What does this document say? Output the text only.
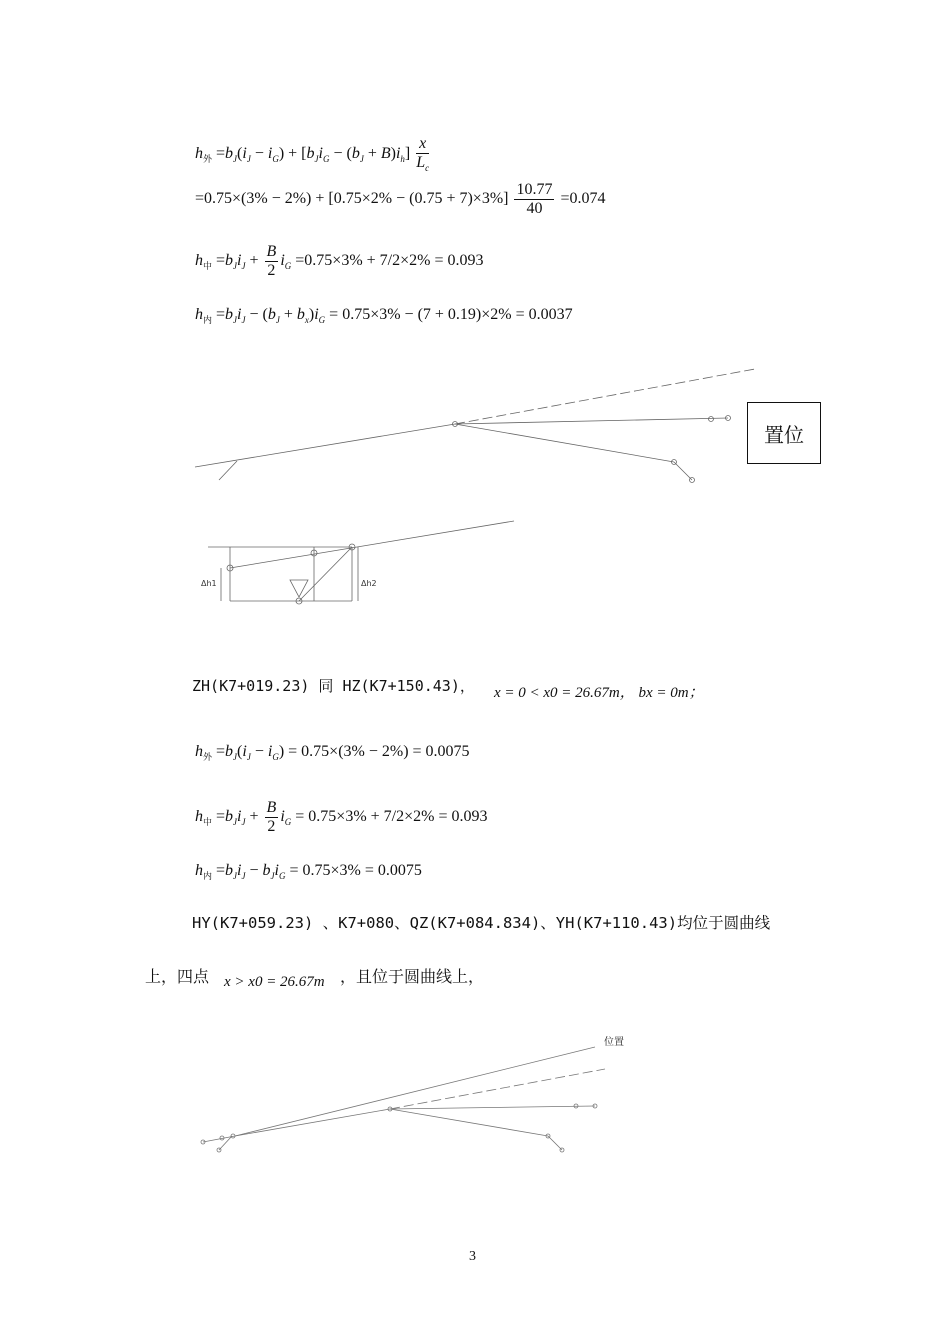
$h_外 =b_J(i_J - i_G) + [b_Ji_G - (b_J + B)i_h] \frac{x}{L_c}$
$=0.75\times(3\% - 2\%) + [0.75\times 2\% - (0.75 + 7)\times 3\%] \frac{10.77}{40} =0.074$
$h_中 =b_Ji_J + \frac{B}{2} i_G =0.75\times 3\% + 7/2\times 2\% = 0.093$
$h_内 =b_Ji_J - (b_J + b_x)i_G = 0.75\times 3\% - (7 + 0.19)\times 2\% = 0.0037$
Δh1	Δh2
位置
置位
ZH(K7+019.23) 同 HZ(K7+150.43)， x = 0 < x0 = 26.67m， bx = 0m；
$h_外 =b_J(i_J - i_G) = 0.75\times(3\% - 2\%) = 0.0075$
$h_中 =b_Ji_J + \frac{B}{2} i_G = 0.75\times 3\% + 7/2\times 2\% = 0.093$
$h_内 =b_Ji_J - b_Ji_G = 0.75\times 3\% = 0.0075$
HY(K7+059.23) 、K7+080、QZ(K7+084.834)、YH(K7+110.43)均位于圆曲线
上，四点 x > x0 = 26.67m ，且位于圆曲线上，
3
